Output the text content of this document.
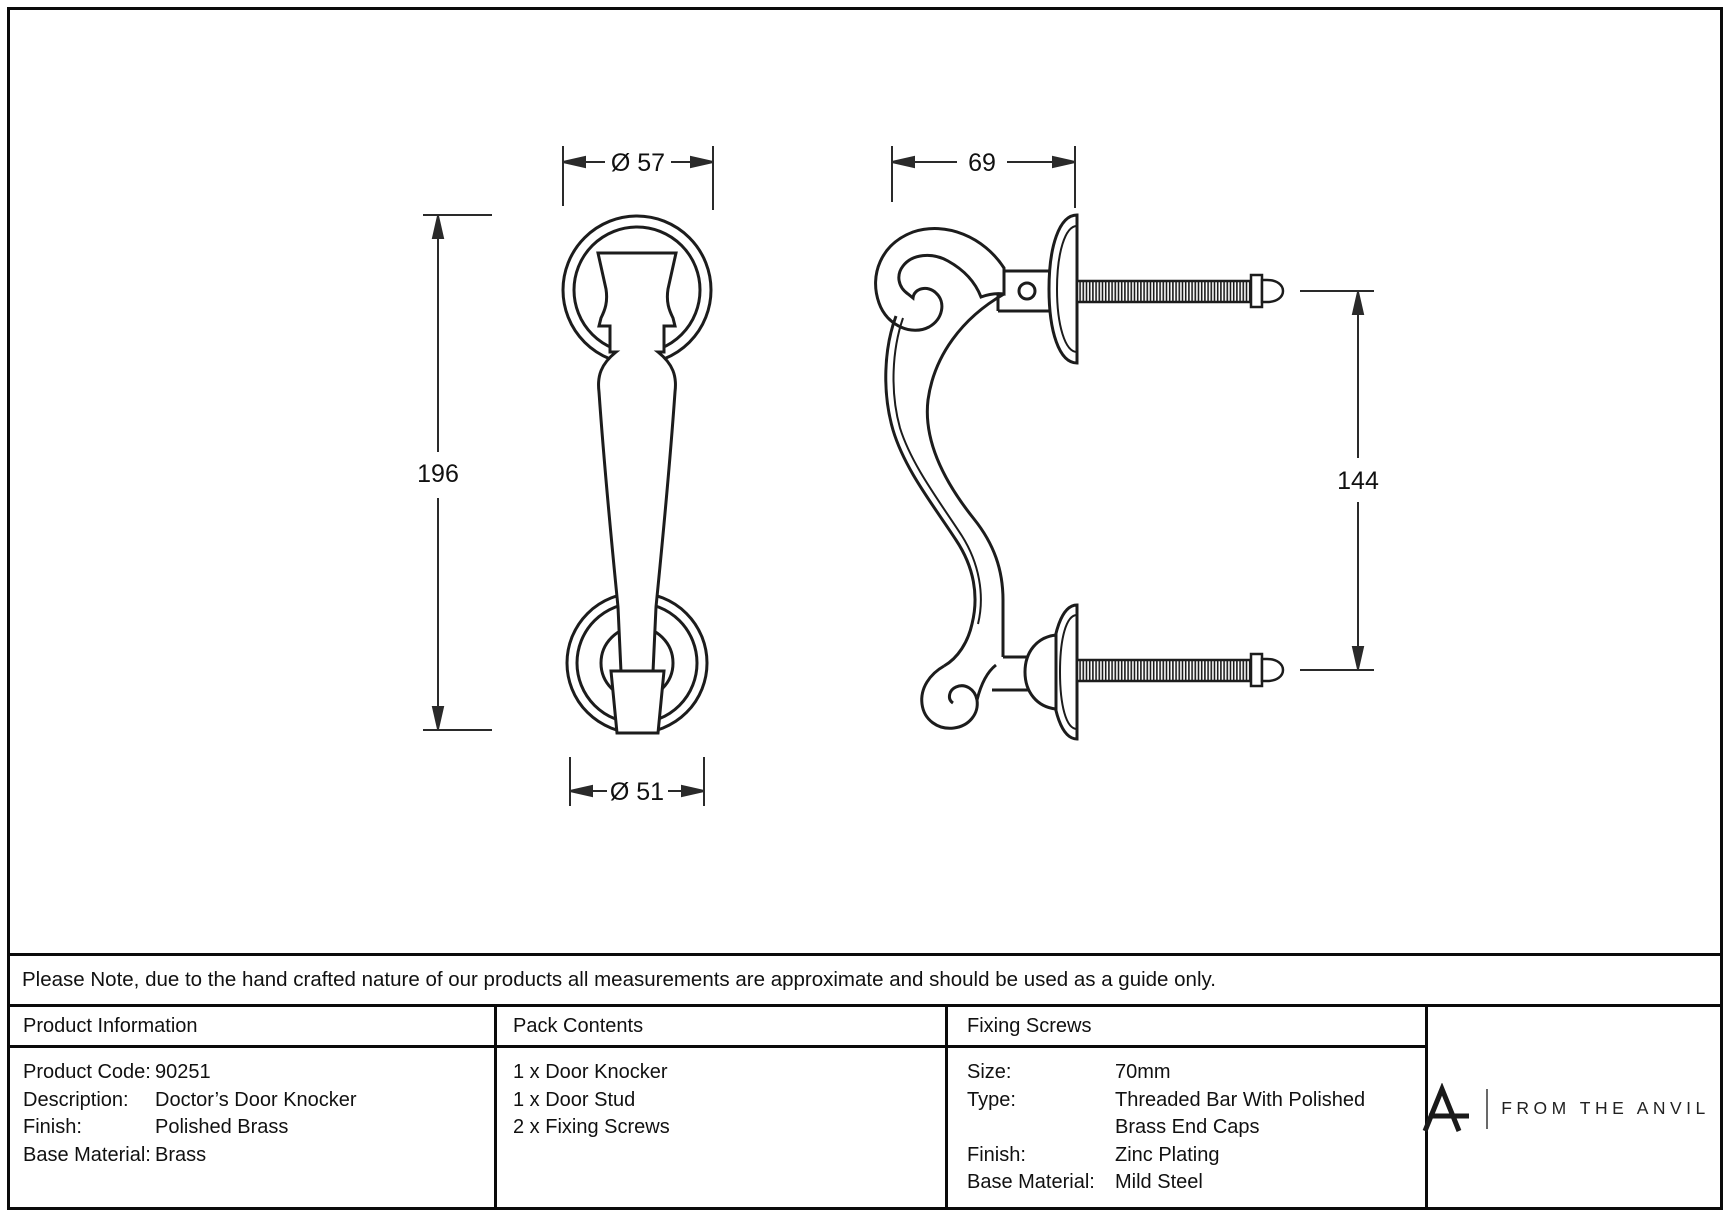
196
Ø 57
Ø 51
69
144
Please Note, due to the hand crafted nature of our products all measurements are approximate and should be used as a guide only.
Product Information	Pack Contents	Fixing Screws
Product Code: 90251
Description:	Doctor’s Door Knocker
Finish:	Polished Brass
Base Material: Brass
1 x Door Knocker
1 x Door Stud
2 x Fixing Screws
Size:	70mm
Type:	Threaded Bar With Polished Brass End Caps
Finish:	Zinc Plating
Base Material:	Mild Steel
FROM THE ANVIL
